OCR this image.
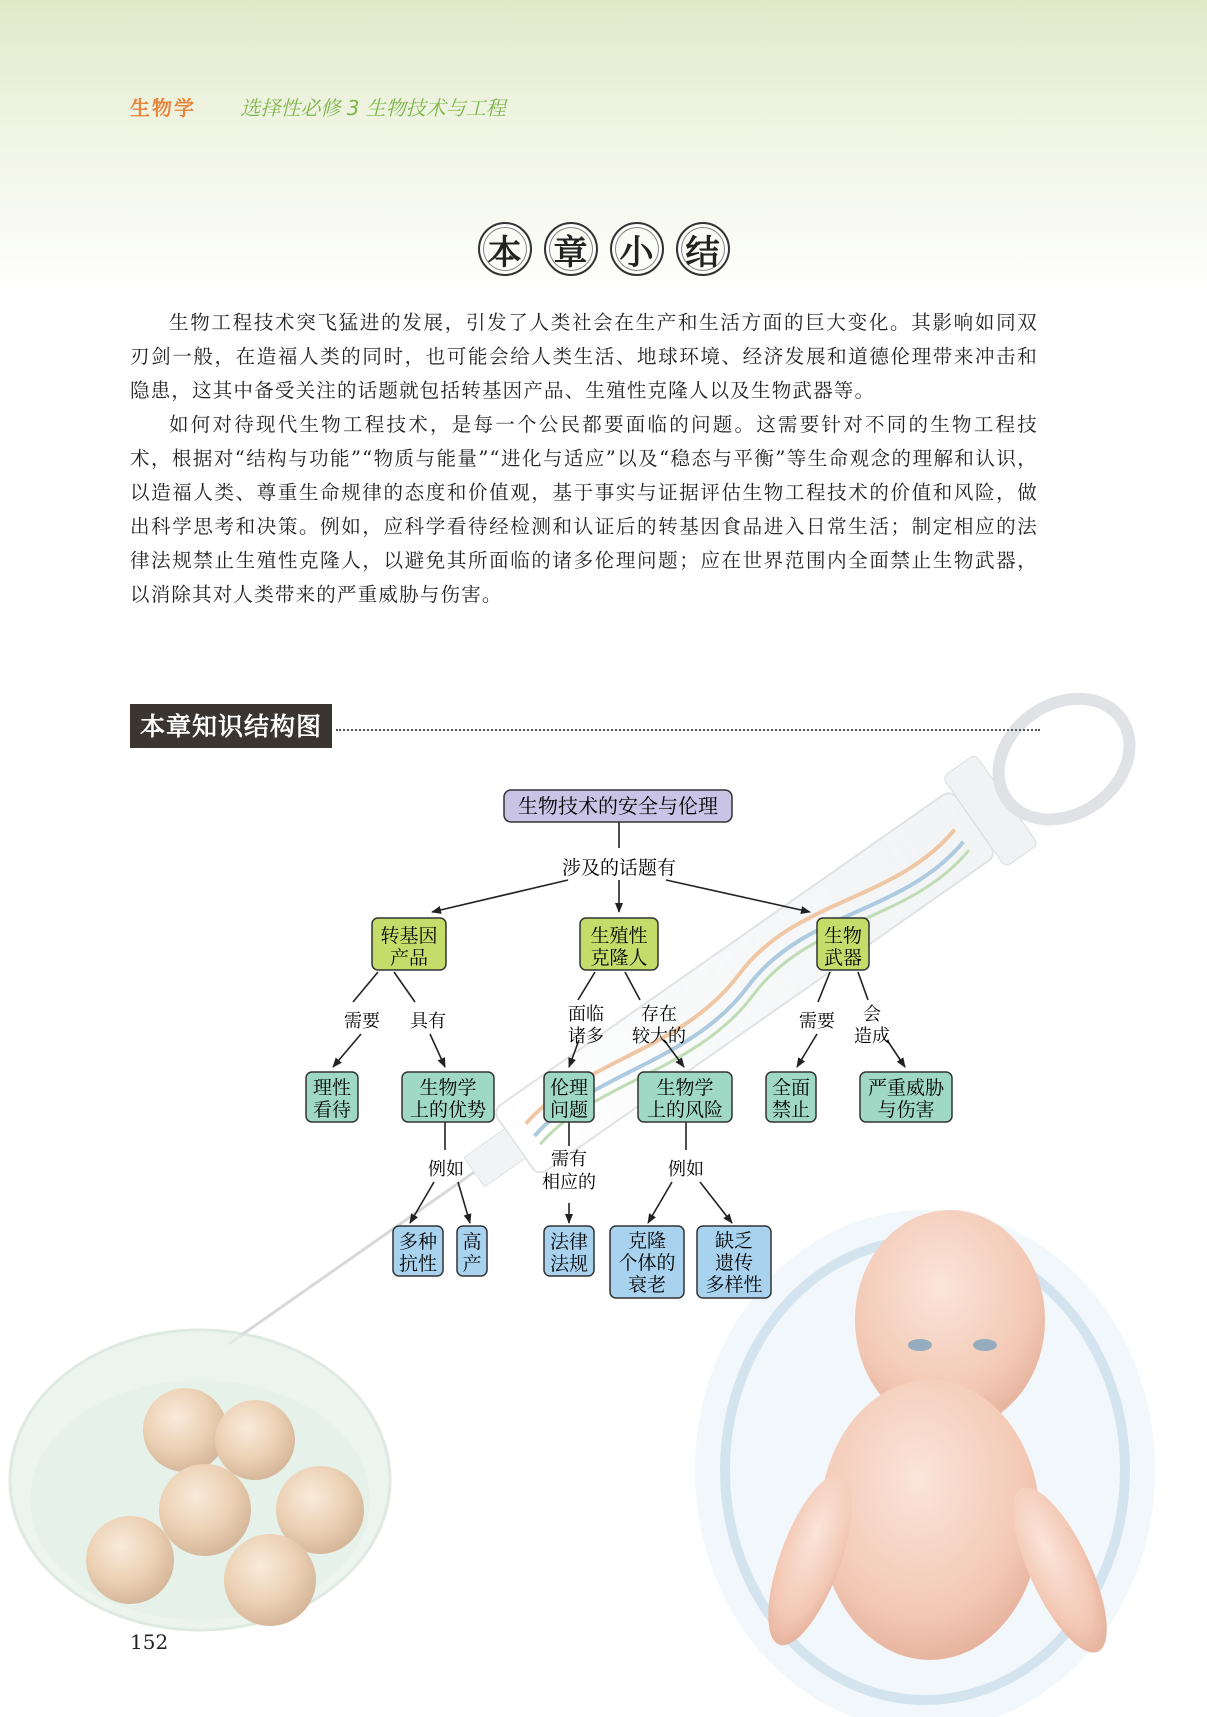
生物学 选择性必修 3 生物技术与工程
本 章 小 结

生物工程技术突飞猛进的发展，引发了人类社会在生产和生活方面的巨大变化。其影响如同双刃剑一般，在造福人类的同时，也可能会给人类生活、地球环境、经济发展和道德伦理带来冲击和隐患，这其中备受关注的话题就包括转基因产品、生殖性克隆人以及生物武器等。

如何对待现代生物工程技术，是每一个公民都要面临的问题。这需要针对不同的生物工程技术，根据对“结构与功能”“物质与能量”“进化与适应”以及“稳态与平衡”等生命观念的理解和认识，以造福人类、尊重生命规律的态度和价值观，基于事实与证据评估生物工程技术的价值和风险，做出科学思考和决策。例如，应科学看待经检测和认证后的转基因食品进入日常生活；制定相应的法律法规禁止生殖性克隆人，以避免其所面临的诸多伦理问题；应在世界范围内全面禁止生物武器，以消除其对人类带来的严重威胁与伤害。

本章知识结构图
生物技术的安全与伦理
涉及的话题有
转基因
产品
生殖性
克隆人
生物
武器
需要 具有	面临
诸多
存在
较大的
需要 会
造成
例如	需有
相应的
例如
理性
看待
生物学
上的优势
伦理
问题
生物学
上的风险
全面
禁止
严重威胁
与伤害
多种
抗性
高
产
法律
法规
克隆
个体的
衰老
缺乏
遗传
多样性
152
